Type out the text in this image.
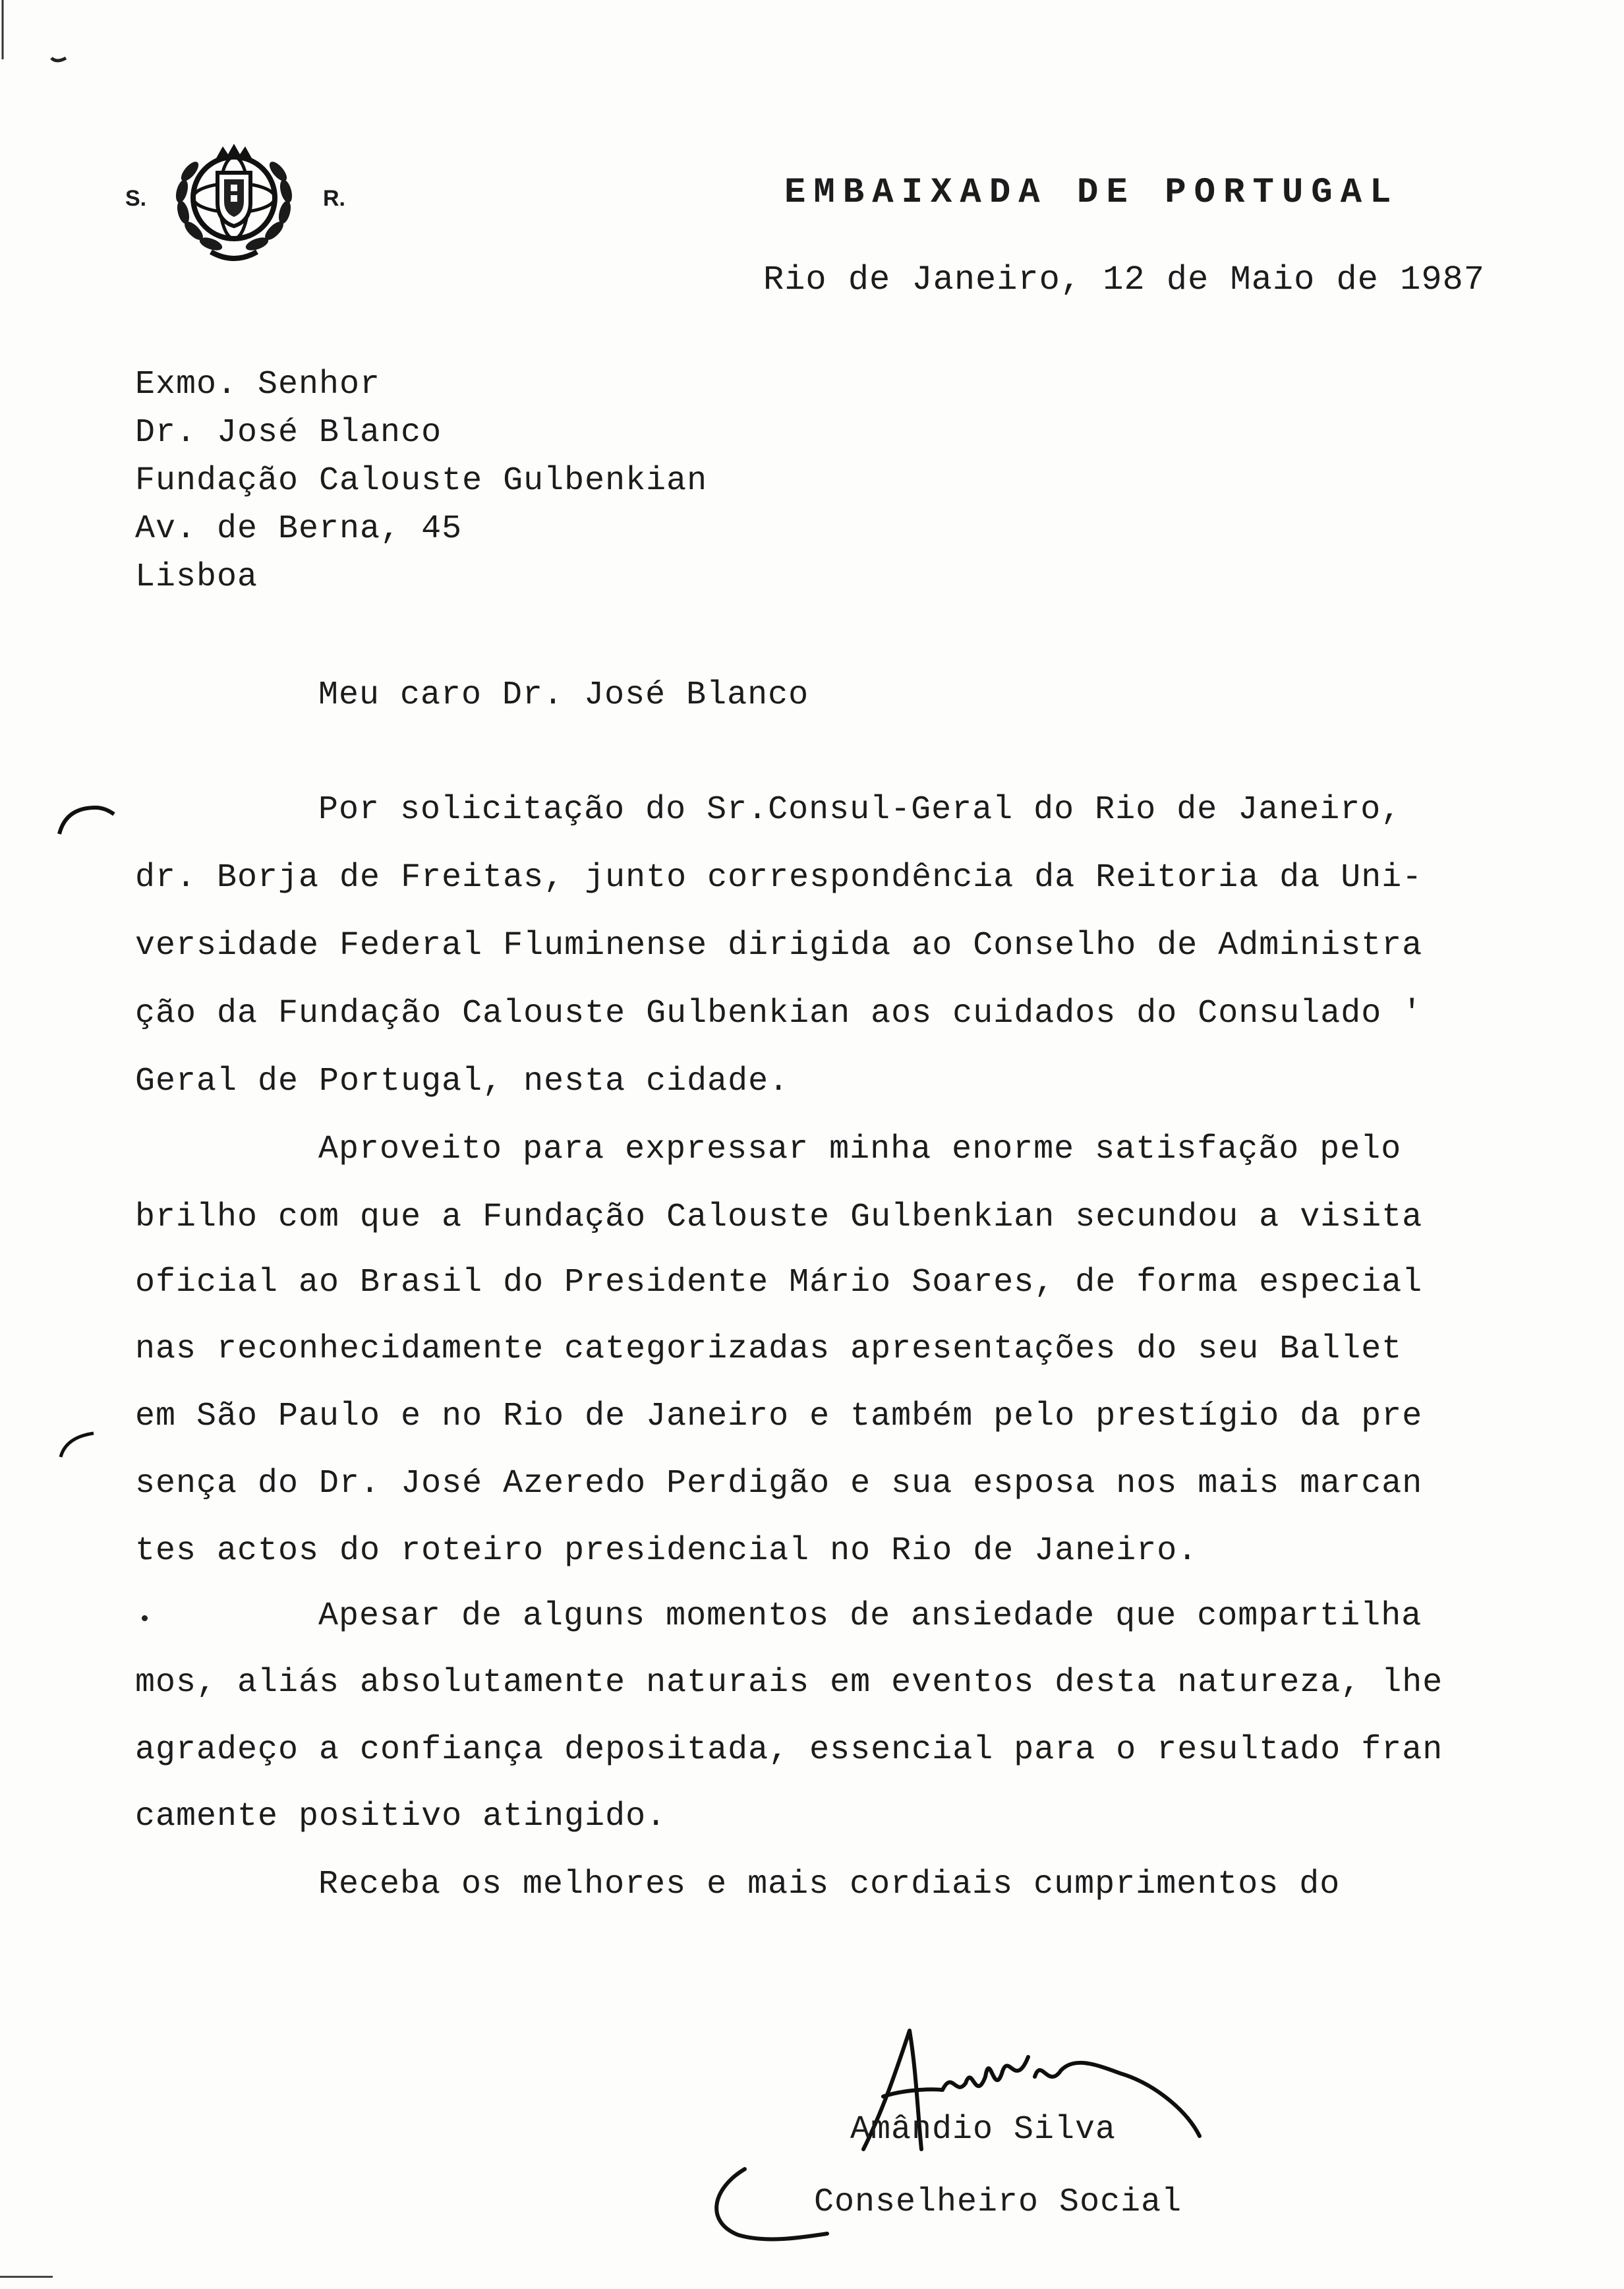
S.	R.	EMBAIXADA DE PORTUGAL
Rio de Janeiro, 12 de Maio de 1987
Exmo. Senhor
Dr. José Blanco
Fundação Calouste Gulbenkian
Av. de Berna, 45
Lisboa
Meu caro Dr. José Blanco
Por solicitação do Sr.Consul-Geral do Rio de Janeiro,
dr. Borja de Freitas, junto correspondência da Reitoria da Uni-
versidade Federal Fluminense dirigida ao Conselho de Administra
ção da Fundação Calouste Gulbenkian aos cuidados do Consulado '
Geral de Portugal, nesta cidade.
Aproveito para expressar minha enorme satisfação pelo
brilho com que a Fundação Calouste Gulbenkian secundou a visita
oficial ao Brasil do Presidente Mário Soares, de forma especial
nas reconhecidamente categorizadas apresentações do seu Ballet
em São Paulo e no Rio de Janeiro e também pelo prestígio da pre
sença do Dr. José Azeredo Perdigão e sua esposa nos mais marcan
tes actos do roteiro presidencial no Rio de Janeiro.
Apesar de alguns momentos de ansiedade que compartilha
mos, aliás absolutamente naturais em eventos desta natureza, lhe
agradeço a confiança depositada, essencial para o resultado fran
camente positivo atingido.
Receba os melhores e mais cordiais cumprimentos do
Amândio Silva
Conselheiro Social
